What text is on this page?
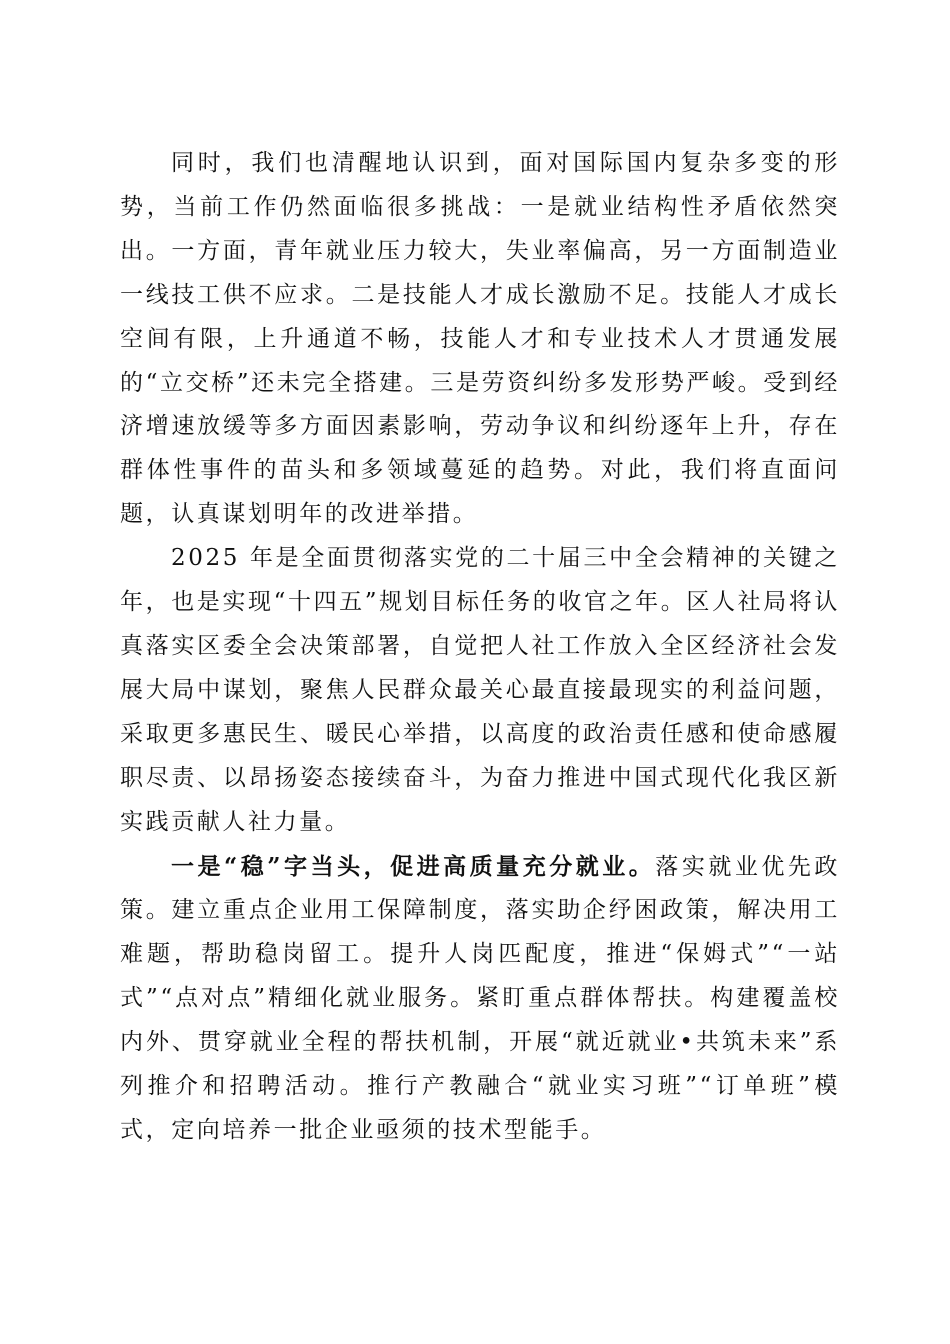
同时，我们也清醒地认识到，面对国际国内复杂多变的形势，当前工作仍然面临很多挑战：一是就业结构性矛盾依然突出。一方面，青年就业压力较大，失业率偏高，另一方面制造业一线技工供不应求。二是技能人才成长激励不足。技能人才成长空间有限，上升通道不畅，技能人才和专业技术人才贯通发展的“立交桥”还未完全搭建。三是劳资纠纷多发形势严峻。受到经济增速放缓等多方面因素影响，劳动争议和纠纷逐年上升，存在群体性事件的苗头和多领域蔓延的趋势。对此，我们将直面问题，认真谋划明年的改进举措。

2025 年是全面贯彻落实党的二十届三中全会精神的关键之年，也是实现“十四五”规划目标任务的收官之年。区人社局将认真落实区委全会决策部署，自觉把人社工作放入全区经济社会发展大局中谋划，聚焦人民群众最关心最直接最现实的利益问题，采取更多惠民生、暖民心举措，以高度的政治责任感和使命感履职尽责、以昂扬姿态接续奋斗，为奋力推进中国式现代化我区新实践贡献人社力量。

一是“稳”字当头，促进高质量充分就业。落实就业优先政策。建立重点企业用工保障制度，落实助企纾困政策，解决用工难题，帮助稳岗留工。提升人岗匹配度，推进“保姆式”“一站式”“点对点”精细化就业服务。紧盯重点群体帮扶。构建覆盖校内外、贯穿就业全程的帮扶机制，开展“就近就业•共筑未来”系列推介和招聘活动。推行产教融合“就业实习班”“订单班”模式，定向培养一批企业亟须的技术型能手。
